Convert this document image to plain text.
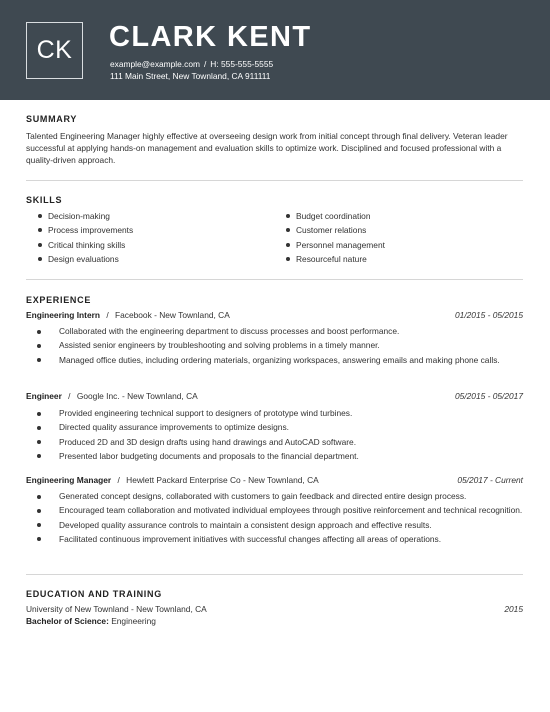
CK	CLARK KENT
example@example.com / H: 555-555-5555
111 Main Street, New Townland, CA 911111
SUMMARY
Talented Engineering Manager highly effective at overseeing design work from initial concept through final delivery. Veteran leader successful at applying hands-on management and evaluation skills to optimize work. Disciplined and focused professional with a quality-driven approach.
SKILLS
Decision-making
Process improvements
Critical thinking skills
Design evaluations
Budget coordination
Customer relations
Personnel management
Resourceful nature
EXPERIENCE
Engineering Intern / Facebook - New Townland, CA	01/2015 - 05/2015
Collaborated with the engineering department to discuss processes and boost performance.
Assisted senior engineers by troubleshooting and solving problems in a timely manner.
Managed office duties, including ordering materials, organizing workspaces, answering emails and making phone calls.
Engineer / Google Inc. - New Townland, CA	05/2015 - 05/2017
Provided engineering technical support to designers of prototype wind turbines.
Directed quality assurance improvements to optimize designs.
Produced 2D and 3D design drafts using hand drawings and AutoCAD software.
Presented labor budgeting documents and proposals to the financial department.
Engineering Manager / Hewlett Packard Enterprise Co - New Townland, CA	05/2017 - Current
Generated concept designs, collaborated with customers to gain feedback and directed entire design process.
Encouraged team collaboration and motivated individual employees through positive reinforcement and technical recognition.
Developed quality assurance controls to maintain a consistent design approach and effective results.
Facilitated continuous improvement initiatives with successful changes affecting all areas of operations.
EDUCATION AND TRAINING
University of New Townland - New Townland, CA	2015
Bachelor of Science: Engineering
